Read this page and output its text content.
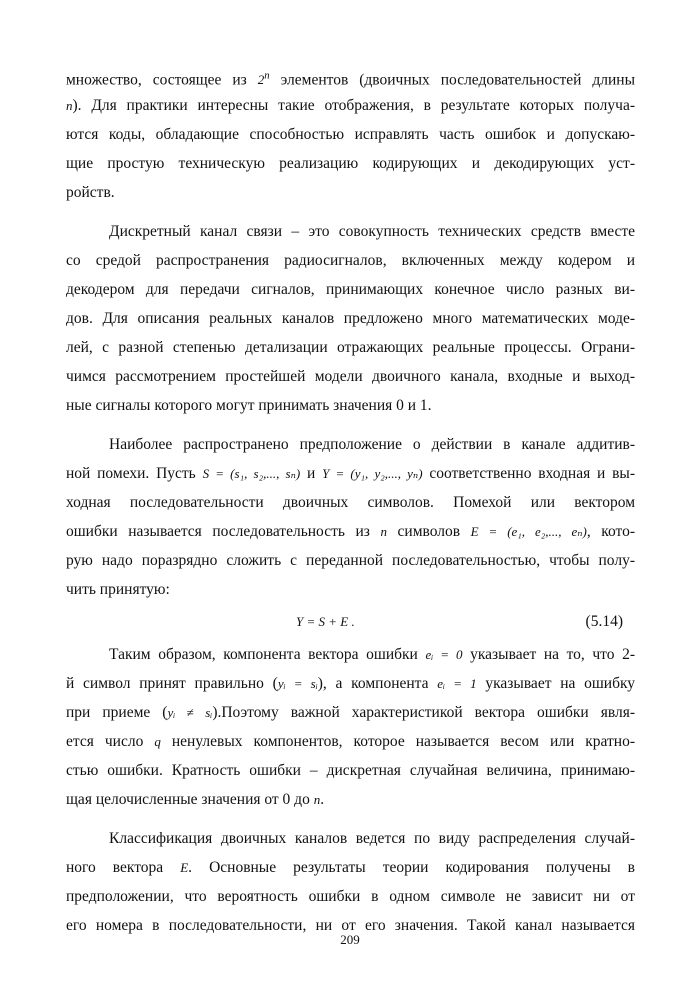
множество, состоящее из 2$^n$ элементов (двоичных последовательностей длины
n). Для практики интересны такие отображения, в результате которых получа-
ются коды, обладающие способностью исправлять часть ошибок и допускаю-
щие простую техническую реализацию кодирующих и декодирующих уст-
ройств.
Дискретный канал связи – это совокупность технических средств вместе
со средой распространения радиосигналов, включенных между кодером и
декодером для передачи сигналов, принимающих конечное число разных ви-
дов. Для описания реальных каналов предложено много математических моде-
лей, с разной степенью детализации отражающих реальные процессы. Ограни-
чимся рассмотрением простейшей модели двоичного канала, входные и выход-
ные сигналы которого могут принимать значения 0 и 1.
Наиболее распространено предположение о действии в канале аддитив-
ной помехи. Пусть S = (s₁, s₂,..., sₙ) и Y = (y₁, y₂,..., yₙ) соответственно входная и вы-
ходная последовательности двоичных символов. Помехой или вектором
ошибки называется последовательность из n символов E = (e₁, e₂,..., eₙ), кото-
рую надо поразрядно сложить с переданной последовательностью, чтобы полу-
чить принятую:
Y = S + E .	(5.14)
Таким образом, компонента вектора ошибки eᵢ = 0 указывает на то, что 2-
й символ принят правильно (yᵢ = sᵢ), а компонента eᵢ = 1 указывает на ошибку
при приеме (yᵢ ≠ sᵢ).Поэтому важной характеристикой вектора ошибки явля-
ется число q ненулевых компонентов, которое называется весом или кратно-
стью ошибки. Кратность ошибки – дискретная случайная величина, принимаю-
щая целочисленные значения от 0 до n.
Классификация двоичных каналов ведется по виду распределения случай-
ного вектора E. Основные результаты теории кодирования получены в
предположении, что вероятность ошибки в одном символе не зависит ни от
его номера в последовательности, ни от его значения. Такой канал называется
209
